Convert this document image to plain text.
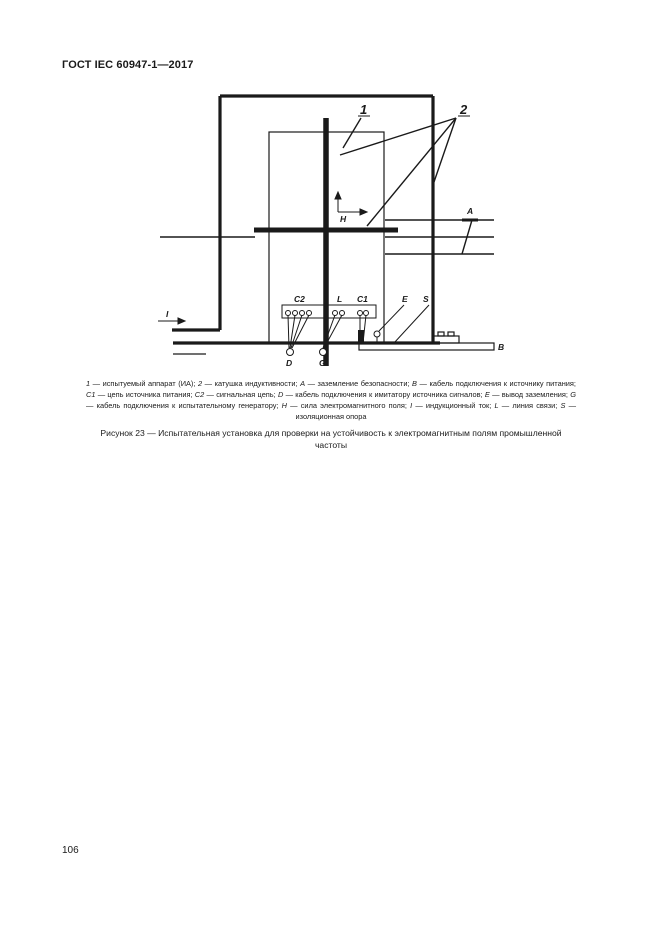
ГОСТ IEC 60947-1—2017
1	2
A
H
C2	L C1	E S
I
D	G
B

1 — испытуемый аппарат (ИА); 2 — катушка индуктивности; A — заземление безопасности; B — кабель подключения к источнику питания; C1 — цепь источника питания; C2 — сигнальная цепь; D — кабель подключения к имитатору источника сигналов; E — вывод заземления; G — кабель подключения к испытательному генератору; H — сила электромагнитного поля; I — индукционный ток; L — линия связи; S — изоляционная опора

Рисунок 23 — Испытательная установка для проверки на устойчивость к электромагнитным полям промышленной частоты

106
